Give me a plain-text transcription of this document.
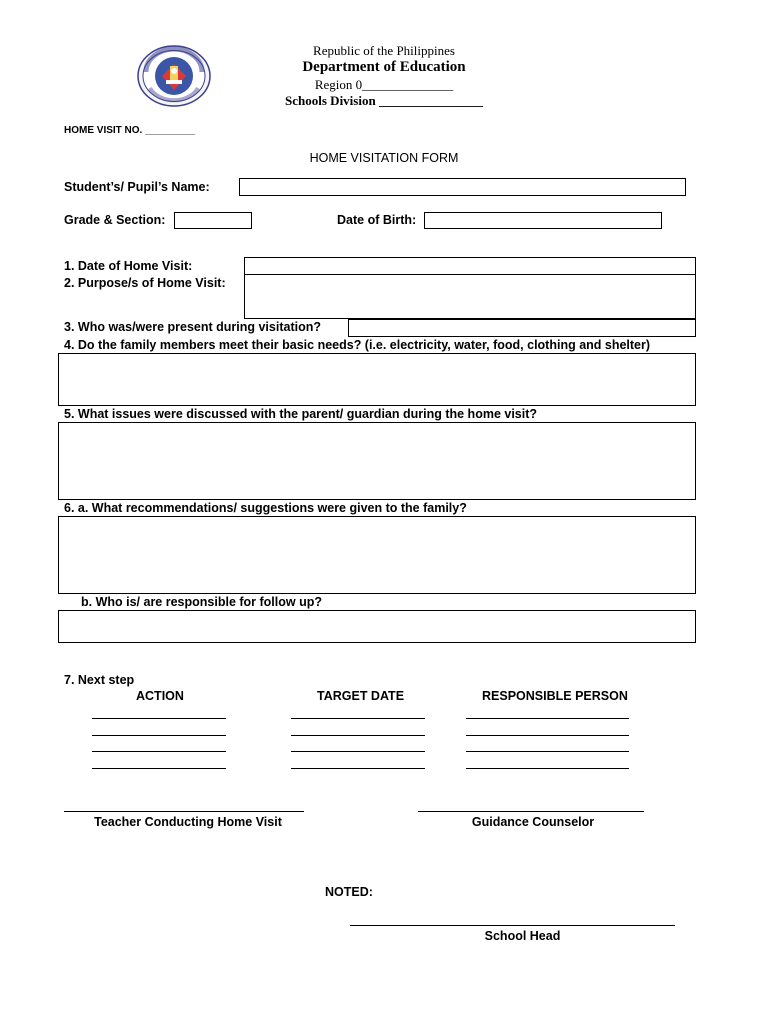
Republic of the Philippines
Department of Education
Region 0______________
Schools Division ________________
HOME VISIT NO. _________
HOME VISITATION FORM
Student’s/ Pupil’s Name:
Grade & Section:	Date of Birth:
1. Date of Home Visit:
2. Purpose/s of Home Visit:
3. Who was/were present during visitation?
4. Do the family members meet their basic needs? (i.e. electricity, water, food, clothing and shelter)
5. What issues were discussed with the parent/ guardian during the home visit?
6. a. What recommendations/ suggestions were given to the family?
b. Who is/ are responsible for follow up?
7. Next step
ACTION	TARGET DATE	RESPONSIBLE PERSON
Teacher Conducting Home Visit	Guidance Counselor
NOTED:
School Head
